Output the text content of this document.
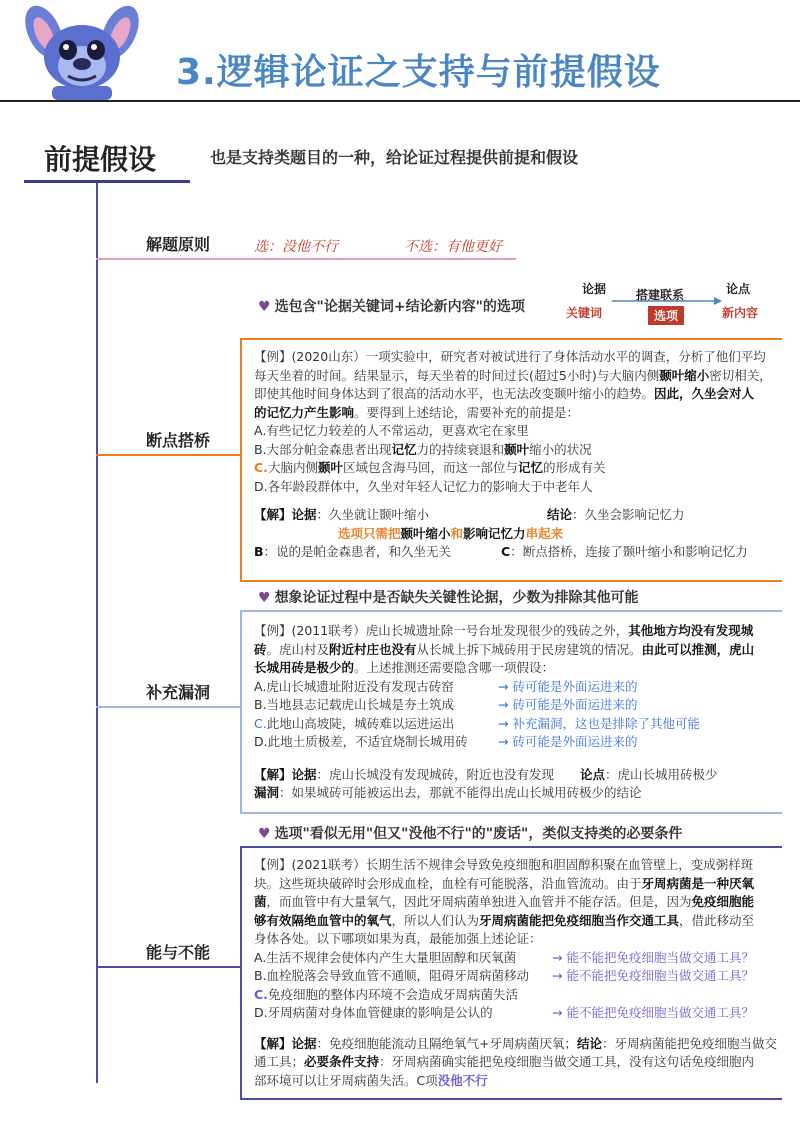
3.逻辑论证之支持与前提假设
前提假设	也是支持类题目的一种，给论证过程提供前提和假设
解题原则	选：没他不行	不选：有他更好
♥ 选包含"论据关键词+结论新内容"的选项
论据
关键词
搭建联系
选项
论点
新内容
断点搭桥
【例】(2020山东）一项实验中，研究者对被试进行了身体活动水平的调查，分析了他们平均
每天坐着的时间。结果显示，每天坐着的时间过长(超过5小时)与大脑内侧颞叶缩小密切相关，
即使其他时间身体达到了很高的活动水平，也无法改变颞叶缩小的趋势。因此，久坐会对人
的记忆力产生影响。要得到上述结论，需要补充的前提是：
A.有些记忆力较差的人不常运动，更喜欢宅在家里
B.大部分帕金森患者出现记忆力的持续衰退和颞叶缩小的状况
C.大脑内侧颞叶区域包含海马回，而这一部位与记忆的形成有关
D.各年龄段群体中，久坐对年轻人记忆力的影响大于中老年人
【解】论据：久坐就让颞叶缩小	结论：久坐会影响记忆力
选项只需把颞叶缩小和影响记忆力串起来
B：说的是帕金森患者，和久坐无关	C：断点搭桥，连接了颞叶缩小和影响记忆力
♥ 想象论证过程中是否缺失关键性论据，少数为排除其他可能
补充漏洞
【例】(2011联考）虎山长城遗址除一号台址发现很少的残砖之外，其他地方均没有发现城
砖。虎山村及附近村庄也没有从长城上拆下城砖用于民房建筑的情况。由此可以推测，虎山
长城用砖是极少的。上述推测还需要隐含哪一项假设：
A.虎山长城遗址附近没有发现古砖窑	→ 砖可能是外面运进来的
B.当地县志记载虎山长城是夯土筑成	→ 砖可能是外面运进来的
C.此地山高坡陡，城砖难以运进运出	→ 补充漏洞，这也是排除了其他可能
D.此地土质极差，不适宜烧制长城用砖 → 砖可能是外面运进来的
【解】论据：虎山长城没有发现城砖，附近也没有发现 论点：虎山长城用砖极少
漏洞：如果城砖可能被运出去，那就不能得出虎山长城用砖极少的结论
♥ 选项"看似无用"但又"没他不行"的"废话"，类似支持类的必要条件
能与不能
【例】(2021联考）长期生活不规律会导致免疫细胞和胆固醇积聚在血管壁上，变成粥样斑
块。这些斑块破碎时会形成血栓，血栓有可能脱落，沿血管流动。由于牙周病菌是一种厌氧
菌，而血管中有大量氧气，因此牙周病菌单独进入血管并不能存活。但是，因为免疫细胞能
够有效隔绝血管中的氧气，所以人们认为牙周病菌能把免疫细胞当作交通工具，借此移动至
身体各处。以下哪项如果为真，最能加强上述论证：
A.生活不规律会使体内产生大量胆固醇和厌氧菌	→ 能不能把免疫细胞当做交通工具？
B.血栓脱落会导致血管不通顺，阻碍牙周病菌移动 → 能不能把免疫细胞当做交通工具？
C.免疫细胞的整体内环境不会造成牙周病菌失活
D.牙周病菌对身体血管健康的影响是公认的	→ 能不能把免疫细胞当做交通工具？
【解】论据：免疫细胞能流动且隔绝氧气+牙周病菌厌氧；结论：牙周病菌能把免疫细胞当做交
通工具；必要条件支持：牙周病菌确实能把免疫细胞当做交通工具，没有这句话免疫细胞内
部环境可以让牙周病菌失活。C项没他不行
